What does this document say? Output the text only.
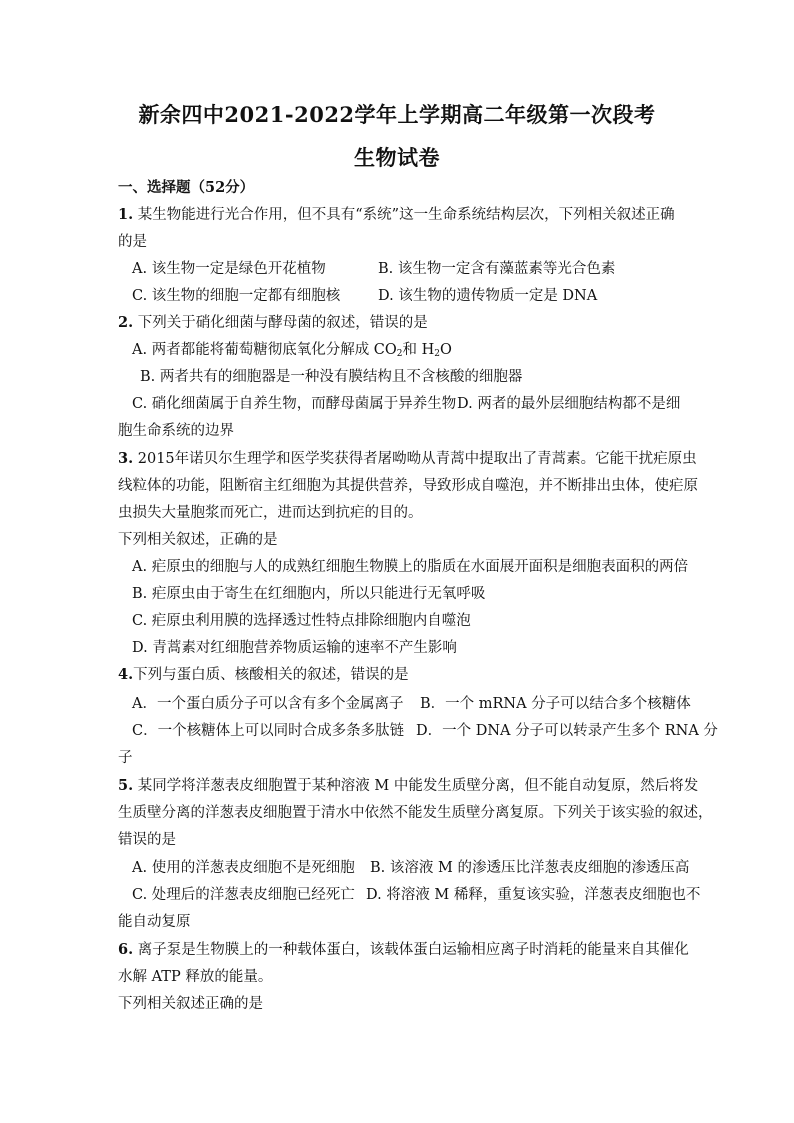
新余四中2021-2022学年上学期高二年级第一次段考
生物试卷
一、选择题（52分）
1. 某生物能进行光合作用，但不具有“系统”这一生命系统结构层次，下列相关叙述正确
的是
A. 该生物一定是绿色开花植物	B. 该生物一定含有藻蓝素等光合色素
C. 该生物的细胞一定都有细胞核	D. 该生物的遗传物质一定是 DNA
2. 下列关于硝化细菌与酵母菌的叙述，错误的是
A. 两者都能将葡萄糖彻底氧化分解成 $CO_2$和 $H_2O$
B. 两者共有的细胞器是一种没有膜结构且不含核酸的细胞器
C. 硝化细菌属于自养生物，而酵母菌属于异养生物 D. 两者的最外层细胞结构都不是细
胞生命系统的边界
3. 2015年诺贝尔生理学和医学奖获得者屠呦呦从青蒿中提取出了青蒿素。它能干扰疟原虫
线粒体的功能，阻断宿主红细胞为其提供营养，导致形成自噬泡，并不断排出虫体，使疟原
虫损失大量胞浆而死亡，进而达到抗疟的目的。
下列相关叙述，正确的是
A. 疟原虫的细胞与人的成熟红细胞生物膜上的脂质在水面展开面积是细胞表面积的两倍
B. 疟原虫由于寄生在红细胞内，所以只能进行无氧呼吸
C. 疟原虫利用膜的选择透过性特点排除细胞内自噬泡
D. 青蒿素对红细胞营养物质运输的速率不产生影响
4.下列与蛋白质、核酸相关的叙述，错误的是
A．一个蛋白质分子可以含有多个金属离子 B．一个 mRNA 分子可以结合多个核糖体
C．一个核糖体上可以同时合成多条多肽链 D．一个 DNA 分子可以转录产生多个 RNA 分
子
5. 某同学将洋葱表皮细胞置于某种溶液 M 中能发生质壁分离，但不能自动复原，然后将发
生质壁分离的洋葱表皮细胞置于清水中依然不能发生质壁分离复原。下列关于该实验的叙述，
错误的是
A. 使用的洋葱表皮细胞不是死细胞 B. 该溶液 M 的渗透压比洋葱表皮细胞的渗透压高
C. 处理后的洋葱表皮细胞已经死亡 D. 将溶液 M 稀释，重复该实验，洋葱表皮细胞也不
能自动复原
6. 离子泵是生物膜上的一种载体蛋白，该载体蛋白运输相应离子时消耗的能量来自其催化
水解 ATP 释放的能量。
下列相关叙述正确的是
